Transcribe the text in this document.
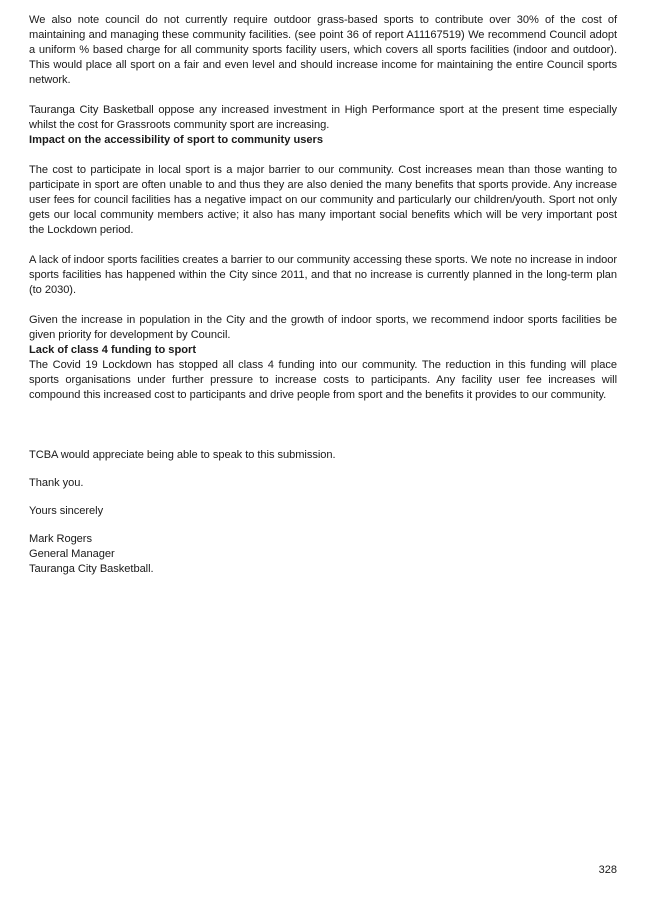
We also note council do not currently require outdoor grass-based sports to contribute over 30% of the cost of maintaining and managing these community facilities. (see point 36 of report A11167519) We recommend Council adopt a uniform % based charge for all community sports facility users, which covers all sports facilities (indoor and outdoor). This would place all sport on a fair and even level and should increase income for maintaining the entire Council sports network.

Tauranga City Basketball oppose any increased investment in High Performance sport at the present time especially whilst the cost for Grassroots community sport are increasing.

Impact on the accessibility of sport to community users

The cost to participate in local sport is a major barrier to our community. Cost increases mean than those wanting to participate in sport are often unable to and thus they are also denied the many benefits that sports provide. Any increase user fees for council facilities has a negative impact on our community and particularly our children/youth. Sport not only gets our local community members active; it also has many important social benefits which will be very important post the Lockdown period.

A lack of indoor sports facilities creates a barrier to our community accessing these sports. We note no increase in indoor sports facilities has happened within the City since 2011, and that no increase is currently planned in the long-term plan (to 2030).

Given the increase in population in the City and the growth of indoor sports, we recommend indoor sports facilities be given priority for development by Council.

Lack of class 4 funding to sport

The Covid 19 Lockdown has stopped all class 4 funding into our community. The reduction in this funding will place sports organisations under further pressure to increase costs to participants. Any facility user fee increases will compound this increased cost to participants and drive people from sport and the benefits it provides to our community.

TCBA would appreciate being able to speak to this submission.

Thank you.

Yours sincerely

Mark Rogers
General Manager
Tauranga City Basketball.
328
